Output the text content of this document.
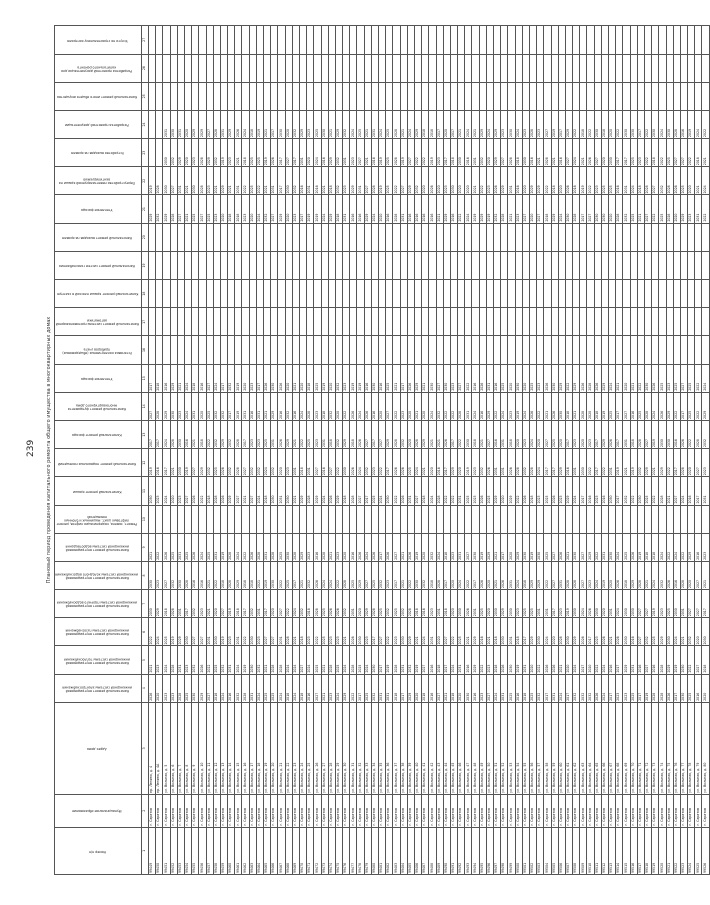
239 Плановый период проведения капитального ремонта общего имущества в многоквартирных домах
Номер п/п	Муниципальное образование	Адрес дома	Капитальный ремонт внутридомовой инженерной системы электроснабжения	Капитальный ремонт внутридомовой инженерной системы теплоснабжения	Капитальный ремонт внутридомовой инженерной системы газоснабжения	Капитальный ремонт внутридомовой инженерной системы горячего водоснабжения	Капитальный ремонт внутридомовой инженерной системы холодного водоснабжения	Капитальный ремонт внутридомовой инженерной системы водоотведения	Ремонт, замена, модернизация лифтов, ремонт лифтовых шахт, машинных и блочных помещений	Капитальный ремонт крыши	Капитальный ремонт подвальных помещений	Капитальный ремонт фасада	Капитальный ремонт фундамента многоквартирного дома	Утепление фасада	Установка коллективных (общедомовых) приборов учета	Капитальный ремонт системы противопожарной автоматики	Капитальный ремонт крыши плоской в скатную	Капитальный ремонт систем газоснабжения	Капитальный ремонт выходов на кровлю	Утепление фасада	Переустройство невентилируемой крыши на вентилируемую	Устройство выходов на кровлю	Разработка проектной документации	Капитальный ремонт иного общего имущества	Разработка проектной документации для капитального ремонта	Услуги по строительному контролю
1	2	3	4	5	6	7	8	9	10	11	12	13	14	15	16	17	18	19	20	21	22	23	24	25	26	27
99449	г. Саратов	пр. Ленина, д. 4	2026	2021	2022	2030	2030	2021		2030	2019	2017	2027	2017						2029	2019					
99450	г. Саратов	пр. Ленина, д. 4А	2020	2023	2024	2029	2023	2022		2023	2016	2017	2028	2018						2032	2028					
99451	г. Саратов	ул. Вольная, д. 5	2023	2024	2025	2018	2027	2026		2024	2017	2024	2029	2016						2029	2030	2030	2031			
99452	г. Саратов	ул. Вольная, д. 6	2023	2028	2019	2028	2032	2025		2020	2021	2028	2030	2029						2028	2027	2032	2030			
99453	г. Саратов	ул. Вольная, д. 7	2028	2031	2029	2031	2030	2031		2023	2030	2030	2023	2021						2027	2031	2029	2031			
99454	г. Саратов	ул. Вольная, д. 8	2025	2023	2030	2017	2028	2025		2027	2019	2016	2024	2024						2021	2021	2020	2020			
99455	г. Саратов	ул. Вольная, д. 9	2030	2032	2027	2032	2016	2026		2026	2027	2021	2031	2018						2025	2030	2023	2029			
99456	г. Саратов	ул. Вольная, д. 10	2029	2026	2027	2023	2016	2024		2022	2029	2018	2020	2016						2027	2028	2028	2029			
99457	г. Саратов	ул. Вольная, д. 11	2027	2022	2031	2021	2021	2025		2018	2032	2022	2025	2027						2025	2023	2029	2027			
99458	г. Саратов	ул. Вольная, д. 12	2018	2025	2030	2020	2022	2031		2028	2025	2032	2032	2024						2023	2021	2032	2028			
99459	г. Саратов	ул. Вольная, д. 13	2024	2032	2019	2027	2018	2019		2026	2026	2029	2032	2017						2020	2029	2019	2031			
99460	г. Саратов	ул. Вольная, д. 14	2016	2031	2023	2019	2028	2028		2029	2032	2032	2017	2032						2018	2021	2023	2029			
99461	г. Саратов	ул. Вольная, д. 15	2032	2024	2031	2018	2029	2024		2027	2028	2028	2019	2019						2018	2031	2021	2026			
99462	г. Саратов	ул. Вольная, д. 16	2028	2019	2022	2017	2018	2022		2021	2027	2017	2031	2020						2023	2022	2018	2024			
99463	г. Саратов	ул. Вольная, д. 17	2031	2030	2030	2032	2018	2026		2027	2032	2023	2016	2023						2020	2025	2025	2018			
99464	г. Саратов	ул. Вольная, д. 18	2024	2032	2023	2031	2021	2028		2024	2032	2023	2031	2017						2024	2022	2025	2019			
99465	г. Саратов	ул. Вольная, д. 19	2025	2021	2027	2017	2019	2031		2018	2024	2025	2021	2026						2032	2021	2019	2021			
99466	г. Саратов	ул. Вольная, д. 20	2025	2028	2027	2020	2030	2028		2030	2032	2031	2029	2030						2027	2031	2026	2017			
99467	г. Саратов	ул. Вольная, д. 21	2024	2028	2031	2027	2022	2025		2031	2020	2026	2016	2026						2029	2017	2017	2030			
99468	г. Саратов	ул. Вольная, д. 22	2018	2024	2028	2022	2025	2030		2030	2023	2029	2032	2020						2020	2030	2027	2020			
99469	г. Саратов	ул. Вольная, д. 23	2024	2024	2021	2024	2017	2028		2021	2031	2021	2016	2021						2023	2032	2017	2032			
99470	г. Саратов	ул. Вольная, д. 24	2018	2027	2018	2032	2021	2029		2029	2018	2022	2024	2020						2017	2016	2031	2029			
99471	г. Саратов	ул. Вольная, д. 25	2016	2024	2023	2018	2032	2023		2028	2031	2025	2028	2018						2019	2031	2020	2023			
99472	г. Саратов	ул. Вольная, д. 26	2027	2025	2022	2028	2026	2016		2029	2027	2023	2023	2025						2019	2016	2024	2025			
99473	г. Саратов	ул. Вольная, д. 27	2021	2021	2025	2025	2024	2028		2024	2016	2031	2018	2019						2024	2021	2016	2030			
99474	г. Саратов	ул. Вольная, д. 28	2023	2028	2023	2026	2024	2021		2026	2027	2018	2032	2020						2029	2018	2029	2021			
99475	г. Саратов	ул. Вольная, д. 29	2024	2025	2023	2026	2022	2023		2029	2022	2032	2020	2032						2018	2032	2032	2029			
99476	г. Саратов	ул. Вольная, д. 30	2029	2024	2021	2032	2028	2020		2018	2030	2029	2022	2023						2031	2023	2031	2032			
99477	г. Саратов	ул. Вольная, д. 31	2022	2028	2026	2031	2025	2016		2028	2026	2018	2026	2019						2016	2029	2023	2024			
99478	г. Саратов	ул. Вольная, д. 32	2017	2025	2030	2020	2029	2026		2027	2024	2026	2024	2019						2016	2031	2027	2025			
99479	г. Саратов	ул. Вольная, д. 33	2025	2024	2023	2029	2027	2024		2017	2032	2027	2026	2016						2029	2027	2021	2021			
99480	г. Саратов	ул. Вольная, д. 34	2032	2030	2017	2028	2025	2026		2025	2023	2017	2016	2030						2024	2028	2016	2031			
99481	г. Саратов	ул. Вольная, д. 35	2031	2017	2027	2025	2032	2017		2024	2022	2027	2020	2016						2020	2019	2019	2024			
99482	г. Саратов	ул. Вольная, д. 36	2031	2019	2022	2032	2023	2026		2030	2017	2029	2027	2025						2016	2025	2025	2025			
99483	г. Саратов	ул. Вольная, д. 37	2018	2028	2023	2025	2017	2027		2022	2026	2028	2022	2021						2028	2022	2028	2028			
99484	г. Саратов	ул. Вольная, д. 38	2017	2031	2030	2032	2021	2021		2026	2026	2032	2023	2017						2031	2027	2019	2021			
99485	г. Саратов	ул. Вольная, д. 39	2029	2032	2029	2028	2022	2026		2031	2025	2020	2020	2026						2016	2029	2027	2024			
99486	г. Саратов	ул. Вольная, д. 40	2020	2019	2021	2018	2030	2019		2027	2024	2028	2021	2029						2016	2032	2022	2029			
99487	г. Саратов	ул. Вольная, д. 41	2018	2027	2024	2016	2032	2020		2018	2021	2029	2020	2021						2016	2020	2022	2018			
99488	г. Саратов	ул. Вольная, д. 42	2016	2016	2031	2023	2018	2032		2024	2020	2021	2024	2030						2016	2026	2019	2018			
99489	г. Саратов	ул. Вольная, д. 43	2027	2018	2020	2031	2028	2024		2028	2016	2021	2032	2027						2021	2020	2023	2017			
99490	г. Саратов	ул. Вольная, д. 44	2021	2017	2027	2018	2017	2018		2022	2017	2026	2022	2030						2029	2023	2017	2020			
99491	г. Саратов	ул. Вольная, д. 45	2018	2024	2022	2020	2020	2023		2022	2029	2017	2022	2023						2016	2030	2018	2017			
99492	г. Саратов	ул. Вольная, д. 46	2020	2031	2025	2030	2024	2031		2031	2020	2022	2028	2027						2022	2020	2030	2021			
99493	г. Саратов	ул. Вольная, д. 47	2030	2016	2021	2026	2022	2027		2025	2019	2030	2031	2022						2024	2020	2016	2024			
99494	г. Саратов	ул. Вольная, д. 48	2016	2029	2029	2031	2017	2030		2023	2023	2018	2024	2016						2019	2021	2031	2021			
99495	г. Саратов	ул. Вольная, д. 49	2023	2022	2016	2025	2026	2019		2026	2032	2021	2016	2026						2029	2022	2032	2029			
99496	г. Саратов	ул. Вольная, д. 50	2027	2023	2021	2020	2020	2029		2025	2026	2027	2029	2031						2019	2023	2020	2024			
99497	г. Саратов	ул. Вольная, д. 51	2024	2018	2018	2030	2021	2021		2029	2031	2016	2022	2016						2032	2026	2029	2029			
99498	г. Саратов	ул. Вольная, д. 52	2031	2026	2030	2029	2026	2017		2020	2031	2031	2024	2025						2028	2029	2027	2023			
99499	г. Саратов	ул. Вольная, д. 53	2025	2030	2031	2030	2031	2020		2029	2026	2018	2023	2020						2021	2031	2028	2030			
99500	г. Саратов	ул. Вольная, д. 54	2016	2019	2018	2023	2024	2029		2022	2028	2020	2019	2030						2023	2016	2018	2024			
99501	г. Саратов	ул. Вольная, д. 55	2018	2031	2017	2025	2018	2030		2026	2032	2023	2024	2020						2027	2020	2030	2023			
99502	г. Саратов	ул. Вольная, д. 56	2025	2020	2029	2025	2029	2019		2018	2028	2024	2026	2025						2020	2029	2016	2028			
99503	г. Саратов	ул. Вольная, д. 57	2032	2022	2030	2031	2029	2030		2023	2024	2020	2022	2023						2027	2029	2021	2023			
99504	г. Саратов	ул. Вольная, д. 58	2017	2026	2024	2031	2022	2025		2025	2017	2027	2021	2026						2018	2022	2028	2027			
99505	г. Саратов	ул. Вольная, д. 59	2031	2026	2020	2017	2027	2027		2026	2017	2025	2026	2030						2029	2018	2021	2019			
99506	г. Саратов	ул. Вольная, д. 60	2024	2021	2028	2023	2031	2026		2023	2029	2020	2030	2029						2024	2020	2016	2017			
99507	г. Саратов	ул. Вольная, д. 61	2017	2020	2030	2019	2028	2021		2029	2016	2017	2018	2022						2030	2026	2027	2029			
99508	г. Саратов	ул. Вольная, д. 62	2032	2024	2029	2030	2028	2030		2024	2031	2023	2021	2029						2028	2016	2024	2022			
99509	г. Саратов	ул. Вольная, д. 63	2032	2017	2026	2024	2027	2027		2017	2030	2020	2028	2026						2017	2019	2021	2018			
99510	г. Саратов	ул. Вольная, д. 64	2032	2020	2017	2026	2023	2029		2016	2022	2023	2020	2028						2027	2022	2026	2022			
99511	г. Саратов	ул. Вольная, д. 65	2026	2022	2023	2030	2024	2022		2023	2017	2017	2018	2026						2030	2023	2027	2030			
99512	г. Саратов	ул. Вольная, д. 66	2024	2024	2026	2020	2019	2031		2016	2022	2029	2019	2029						2030	2025	2020	2018			
99513	г. Саратов	ул. Вольная, д. 67	2017	2016	2021	2031	2020	2030		2030	2031	2026	2025	2024						2020	2025	2030	2020			
99514	г. Саратов	ул. Вольная, д. 68	2023	2017	2026	2024	2026	2024		2017	2019	2017	2017	2021						2028	2016	2017	2022			
99515	г. Саратов	ул. Вольная, д. 69	2023	2029	2030	2030	2018	2025		2032	2021	2031	2027	2020						2032	2031	2017	2030			
99516	г. Саратов	ул. Вольная, д. 70	2025	2031	2016	2030	2029	2026		2022	2019	2018	2016	2021						2025	2024	2025	2030			
99517	г. Саратов	ул. Вольная, д. 71	2017	2016	2027	2027	2028	2019		2030	2032	2028	2025	2022						2021	2018	2023	2017			
99518	г. Саратов	ул. Вольная, д. 72	2019	2027	2032	2027	2021	2018		2025	2029	2027	2028	2030						2027	2028	2022	2022			
99519	г. Саратов	ул. Вольная, д. 73	2028	2016	2025	2019	2024	2018		2022	2021	2019	2024	2026						2022	2027	2018	2030			
99520	г. Саратов	ул. Вольная, д. 74	2028	2028	2029	2023	2032	2024		2028	2029	2030	2026	2025						2025	2032	2022	2024			
99521	г. Саратов	ул. Вольная, д. 75	2026	2029	2030	2025	2026	2022		2021	2022	2030	2029	2023						2028	2028	2025	2030			
99522	г. Саратов	ул. Вольная, д. 76	2017	2019	2024	2030	2016	2024		2027	2017	2016	2022	2025						2020	2026	2027	2028			
99523	г. Саратов	ул. Вольная, д. 77	2030	2030	2021	2031	2028	2022		2024	2028	2026	2017	2027						2029	2025	2027	2016			
99524	г. Саратов	ул. Вольная, д. 78	2025	2022	2032	2027	2020	2029		2016	2020	2022	2025	2025						2023	2020	2022	2019			
99525	г. Саратов	ул. Вольная, д. 79	2016	2027	2020	2027	2027	2016		2017	2027	2028	2022	2022						2031	2021	2018	2024			
99526	г. Саратов	ул. Вольная, д. 80	2020	2018	2030	2017	2021	2023		2031	2023	2032	2029	2024						2022	2024	2021	2022			
